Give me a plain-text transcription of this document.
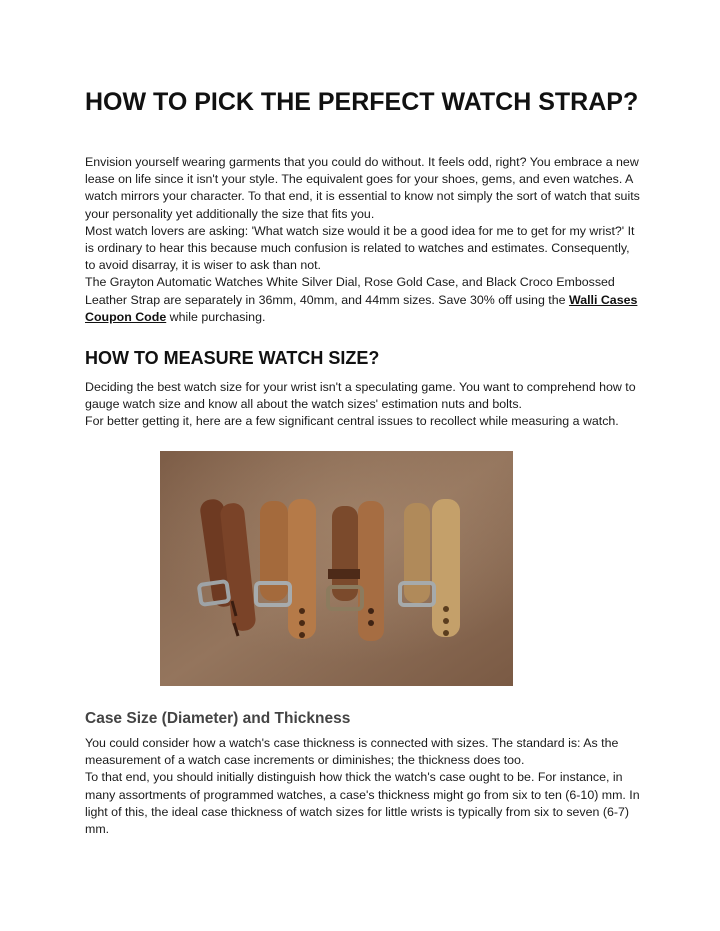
HOW TO PICK THE PERFECT WATCH STRAP?

Envision yourself wearing garments that you could do without. It feels odd, right? You embrace a new lease on life since it isn't your style. The equivalent goes for your shoes, gems, and even watches. A watch mirrors your character. To that end, it is essential to know not simply the sort of watch that suits your personality yet additionally the size that fits you.

Most watch lovers are asking: 'What watch size would it be a good idea for me to get for my wrist?' It is ordinary to hear this because much confusion is related to watches and estimates. Consequently, to avoid disarray, it is wiser to ask than not.

The Grayton Automatic Watches White Silver Dial, Rose Gold Case, and Black Croco Embossed Leather Strap are separately in 36mm, 40mm, and 44mm sizes. Save 30% off using the Walli Cases Coupon Code while purchasing.

HOW TO MEASURE WATCH SIZE?

Deciding the best watch size for your wrist isn't a speculating game. You want to comprehend how to gauge watch size and know all about the watch sizes' estimation nuts and bolts.

For better getting it, here are a few significant central issues to recollect while measuring a watch.

Case Size (Diameter) and Thickness

You could consider how a watch's case thickness is connected with sizes. The standard is: As the measurement of a watch case increments or diminishes; the thickness does too.

To that end, you should initially distinguish how thick the watch's case ought to be. For instance, in many assortments of programmed watches, a case's thickness might go from six to ten (6-10) mm. In light of this, the ideal case thickness of watch sizes for little wrists is typically from six to seven (6-7) mm.
